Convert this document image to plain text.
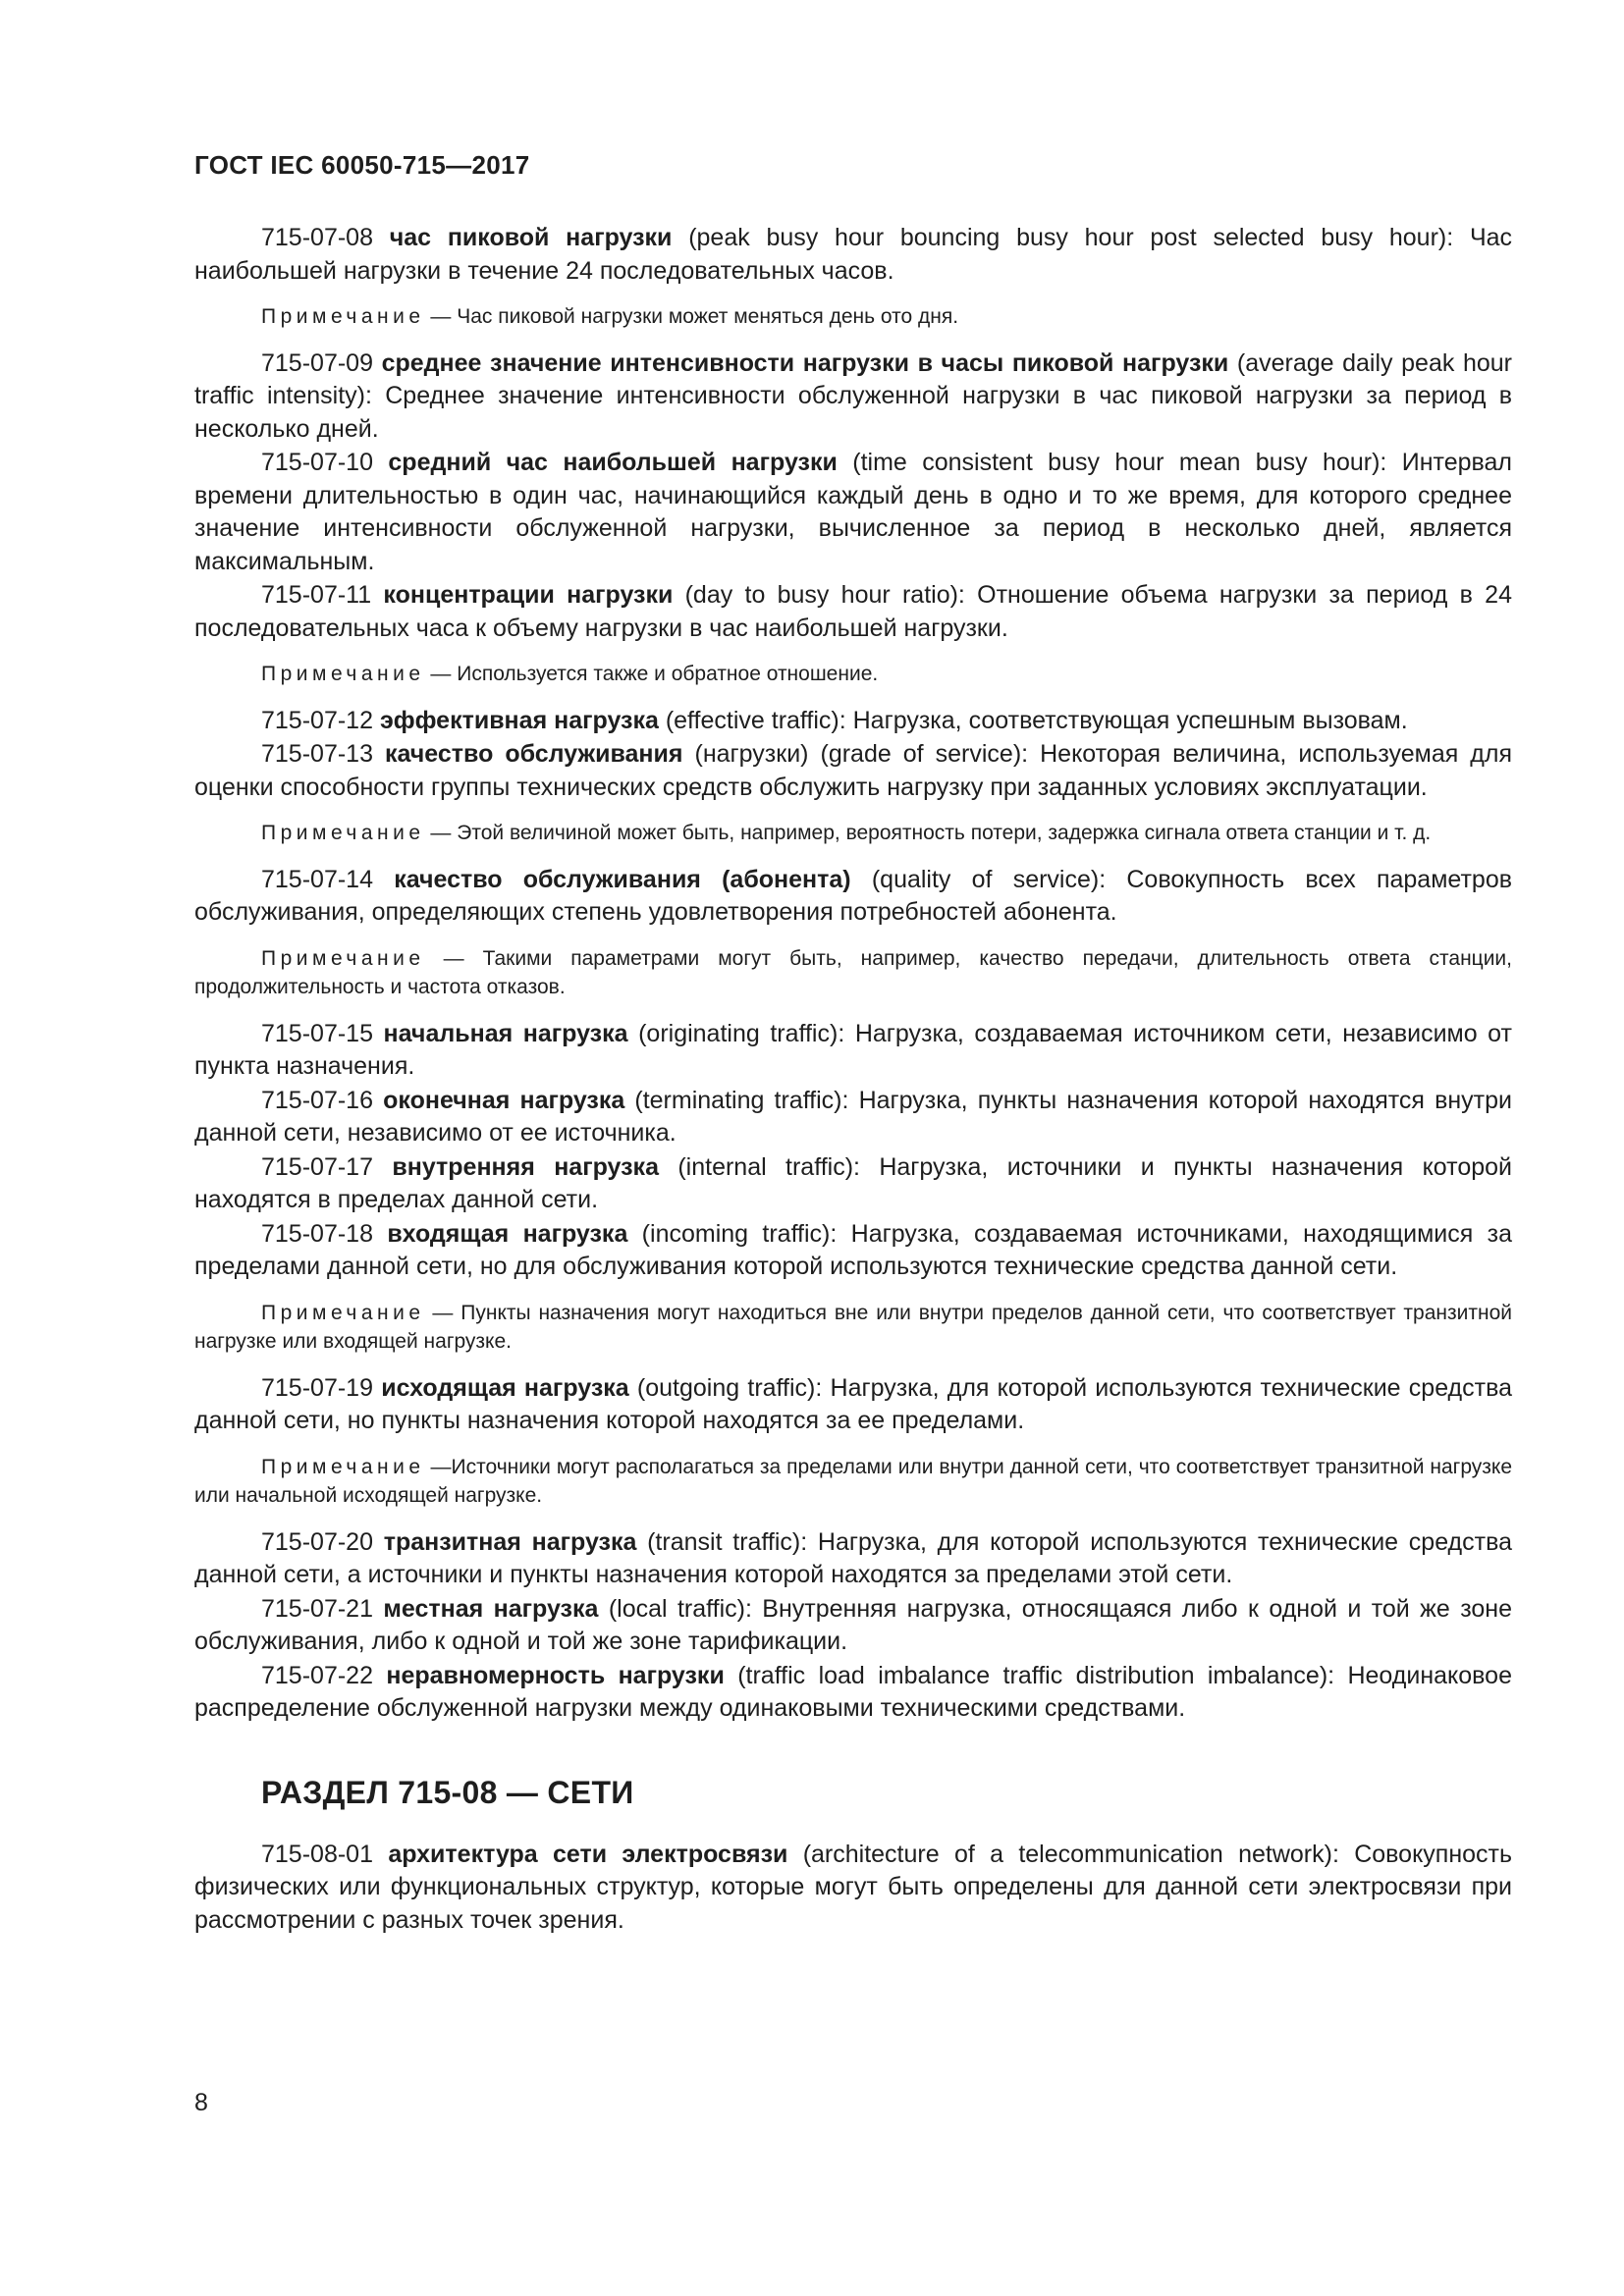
ГОСТ IEC 60050-715—2017

715-07-08 час пиковой нагрузки (peak busy hour bouncing busy hour post selected busy hour): Час наибольшей нагрузки в течение 24 последовательных часов.

Примечание — Час пиковой нагрузки может меняться день ото дня.

715-07-09 среднее значение интенсивности нагрузки в часы пиковой нагрузки (average daily peak hour traffic intensity): Среднее значение интенсивности обслуженной нагрузки в час пиковой нагрузки за период в несколько дней.

715-07-10 средний час наибольшей нагрузки (time consistent busy hour mean busy hour): Интервал времени длительностью в один час, начинающийся каждый день в одно и то же время, для которого среднее значение интенсивности обслуженной нагрузки, вычисленное за период в несколько дней, является максимальным.

715-07-11 концентрации нагрузки (day to busy hour ratio): Отношение объема нагрузки за период в 24 последовательных часа к объему нагрузки в час наибольшей нагрузки.

Примечание — Используется также и обратное отношение.

715-07-12 эффективная нагрузка (effective traffic): Нагрузка, соответствующая успешным вызовам.

715-07-13 качество обслуживания (нагрузки) (grade of service): Некоторая величина, используемая для оценки способности группы технических средств обслужить нагрузку при заданных условиях эксплуатации.

Примечание — Этой величиной может быть, например, вероятность потери, задержка сигнала ответа станции и т. д.

715-07-14 качество обслуживания (абонента) (quality of service): Совокупность всех параметров обслуживания, определяющих степень удовлетворения потребностей абонента.

Примечание — Такими параметрами могут быть, например, качество передачи, длительность ответа станции, продолжительность и частота отказов.

715-07-15 начальная нагрузка (originating traffic): Нагрузка, создаваемая источником сети, независимо от пункта назначения.

715-07-16 оконечная нагрузка (terminating traffic): Нагрузка, пункты назначения которой находятся внутри данной сети, независимо от ее источника.

715-07-17 внутренняя нагрузка (internal traffic): Нагрузка, источники и пункты назначения которой находятся в пределах данной сети.

715-07-18 входящая нагрузка (incoming traffic): Нагрузка, создаваемая источниками, находящимися за пределами данной сети, но для обслуживания которой используются технические средства данной сети.

Примечание — Пункты назначения могут находиться вне или внутри пределов данной сети, что соответствует транзитной нагрузке или входящей нагрузке.

715-07-19 исходящая нагрузка (outgoing traffic): Нагрузка, для которой используются технические средства данной сети, но пункты назначения которой находятся за ее пределами.

Примечание —Источники могут располагаться за пределами или внутри данной сети, что соответствует транзитной нагрузке или начальной исходящей нагрузке.

715-07-20 транзитная нагрузка (transit traffic): Нагрузка, для которой используются технические средства данной сети, а источники и пункты назначения которой находятся за пределами этой сети.

715-07-21 местная нагрузка (local traffic): Внутренняя нагрузка, относящаяся либо к одной и той же зоне обслуживания, либо к одной и той же зоне тарификации.

715-07-22 неравномерность нагрузки (traffic load imbalance traffic distribution imbalance): Неодинаковое распределение обслуженной нагрузки между одинаковыми техническими средствами.

РАЗДЕЛ 715-08 — СЕТИ

715-08-01 архитектура сети электросвязи (architecture of a telecommunication network): Совокупность физических или функциональных структур, которые могут быть определены для данной сети электросвязи при рассмотрении с разных точек зрения.

8
